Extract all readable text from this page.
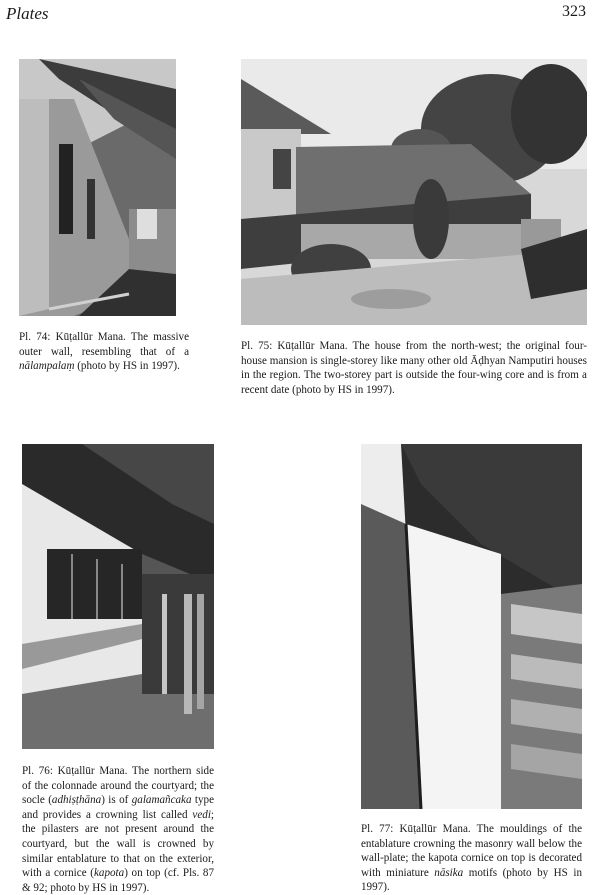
Plates	323

Pl. 74: Kūṭallūr Mana. The massive outer wall, resembling that of a nālampalaṃ (photo by HS in 1997).

Pl. 75: Kūṭallūr Mana. The house from the north-west; the original four-house mansion is single-storey like many other old Āḍhyan Namputiri houses in the region. The two-storey part is outside the four-wing core and is from a recent date (photo by HS in 1997).

Pl. 76: Kūṭallūr Mana. The northern side of the colonnade around the courtyard; the socle (adhiṣṭhāna) is of galamañcaka type and provides a crowning list called vedi; the pilasters are not present around the courtyard, but the wall is crowned by similar entablature to that on the exterior, with a cornice (kapota) on top (cf. Pls. 87 & 92; photo by HS in 1997).

Pl. 77: Kūṭallūr Mana. The mouldings of the entablature crowning the masonry wall below the wall-plate; the kapota cornice on top is decorated with miniature nāsika motifs (photo by HS in 1997).
